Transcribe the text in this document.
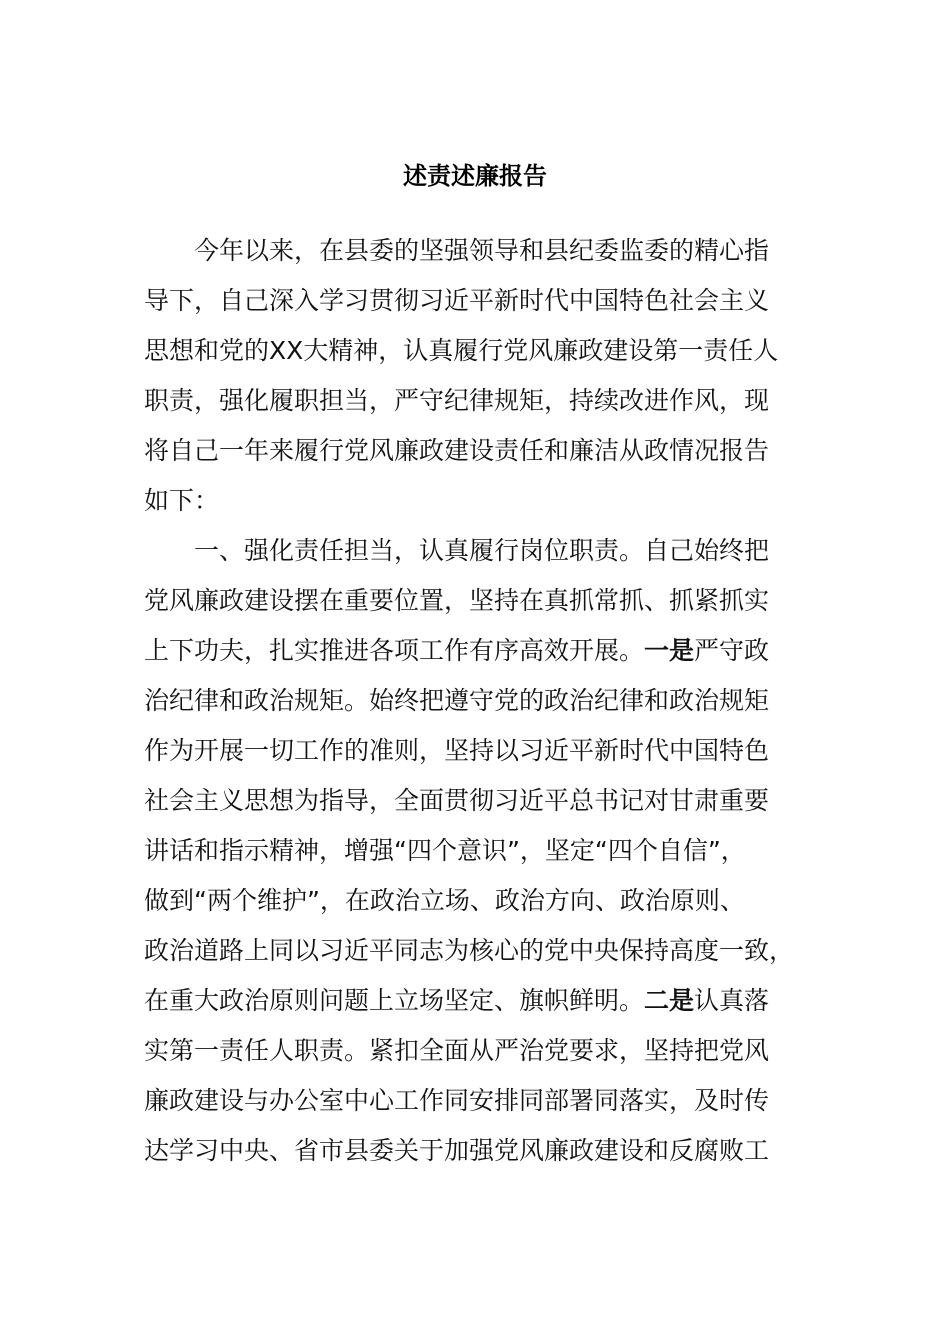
述责述廉报告
今年以来，在县委的坚强领导和县纪委监委的精心指
导下，自己深入学习贯彻习近平新时代中国特色社会主义
思想和党的XX大精神，认真履行党风廉政建设第一责任人
职责，强化履职担当，严守纪律规矩，持续改进作风，现
将自己一年来履行党风廉政建设责任和廉洁从政情况报告
如下：
一、强化责任担当，认真履行岗位职责。自己始终把
党风廉政建设摆在重要位置，坚持在真抓常抓、抓紧抓实
上下功夫，扎实推进各项工作有序高效开展。一是严守政
治纪律和政治规矩。始终把遵守党的政治纪律和政治规矩
作为开展一切工作的准则，坚持以习近平新时代中国特色
社会主义思想为指导，全面贯彻习近平总书记对甘肃重要
讲话和指示精神，增强“四个意识”，坚定“四个自信”，
做到“两个维护”，在政治立场、政治方向、政治原则、
政治道路上同以习近平同志为核心的党中央保持高度一致，
在重大政治原则问题上立场坚定、旗帜鲜明。二是认真落
实第一责任人职责。紧扣全面从严治党要求，坚持把党风
廉政建设与办公室中心工作同安排同部署同落实，及时传
达学习中央、省市县委关于加强党风廉政建设和反腐败工
